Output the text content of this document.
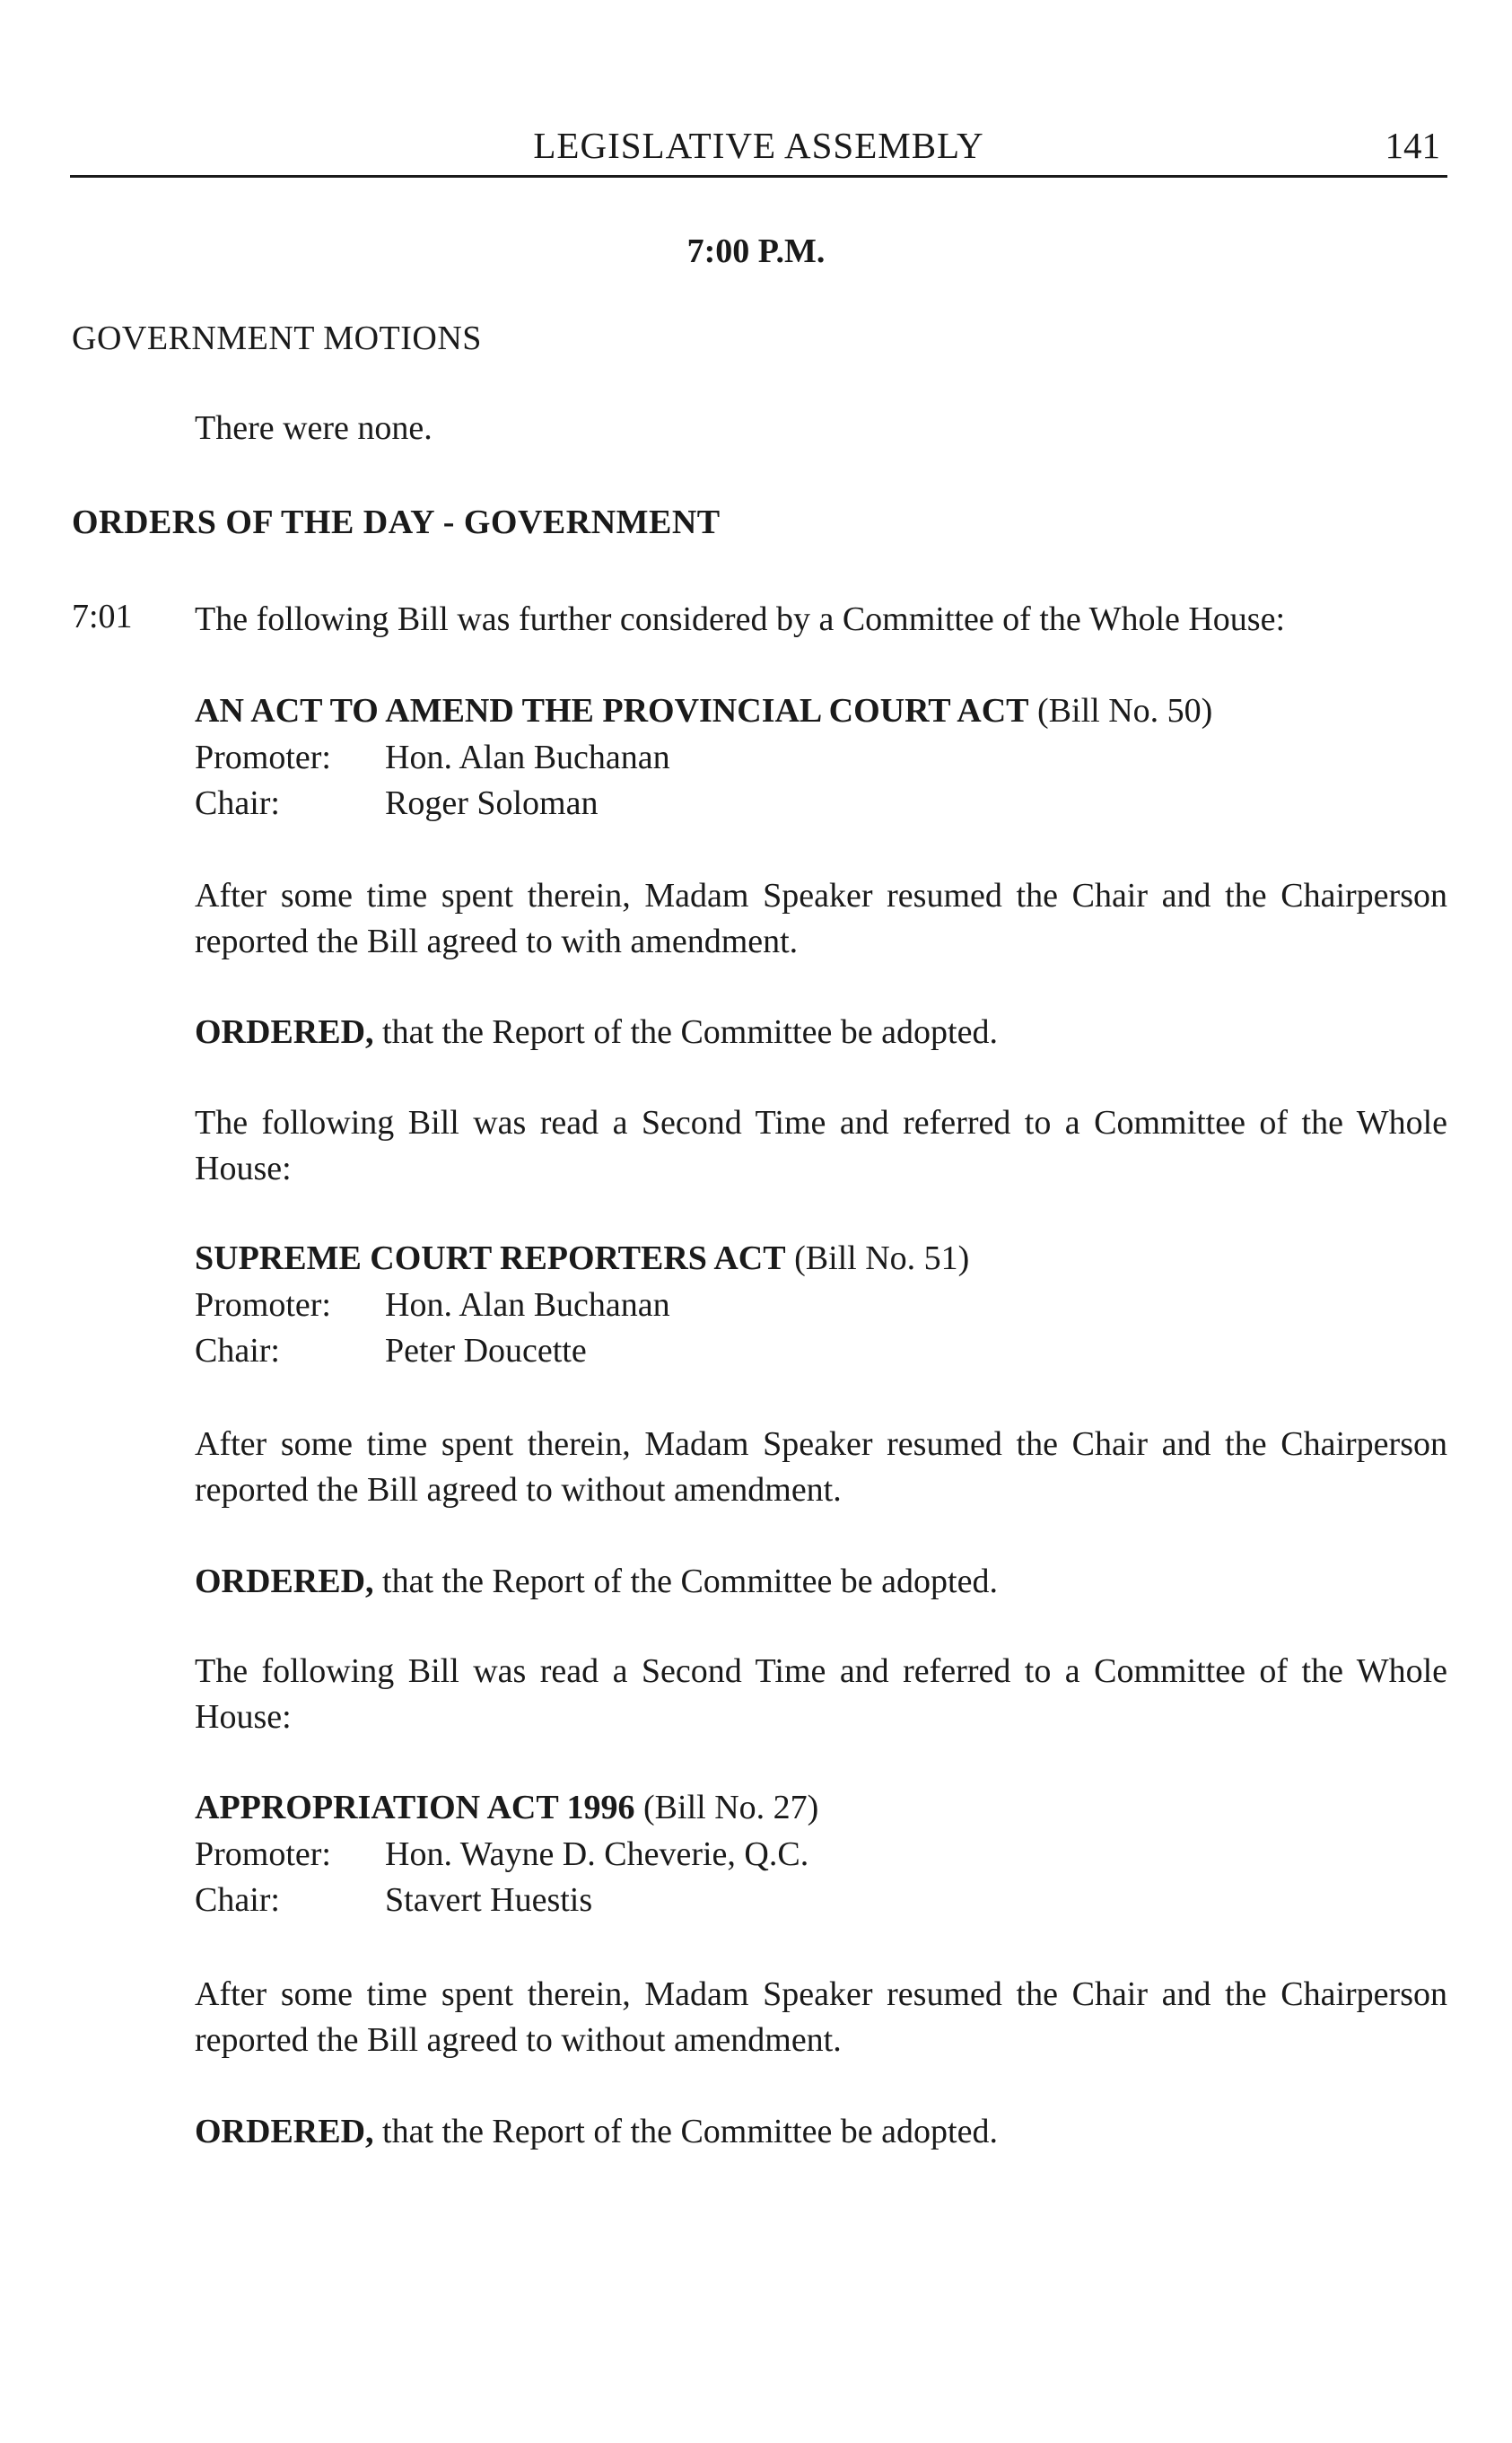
LEGISLATIVE ASSEMBLY	141
7:00 P.M.
GOVERNMENT MOTIONS
There were none.
ORDERS OF THE DAY - GOVERNMENT
7:01 The following Bill was further considered by a Committee of the Whole House:
AN ACT TO AMEND THE PROVINCIAL COURT ACT (Bill No. 50)
Promoter: Hon. Alan Buchanan
Chair:	Roger Soloman
After some time spent therein, Madam Speaker resumed the Chair and the Chairperson reported the Bill agreed to with amendment.
ORDERED, that the Report of the Committee be adopted.
The following Bill was read a Second Time and referred to a Committee of the Whole House:
SUPREME COURT REPORTERS ACT (Bill No. 51)
Promoter: Hon. Alan Buchanan
Chair:	Peter Doucette
After some time spent therein, Madam Speaker resumed the Chair and the Chairperson reported the Bill agreed to without amendment.
ORDERED, that the Report of the Committee be adopted.
The following Bill was read a Second Time and referred to a Committee of the Whole House:
APPROPRIATION ACT 1996 (Bill No. 27)
Promoter: Hon. Wayne D. Cheverie, Q.C.
Chair:	Stavert Huestis
After some time spent therein, Madam Speaker resumed the Chair and the Chairperson reported the Bill agreed to without amendment.
ORDERED, that the Report of the Committee be adopted.
